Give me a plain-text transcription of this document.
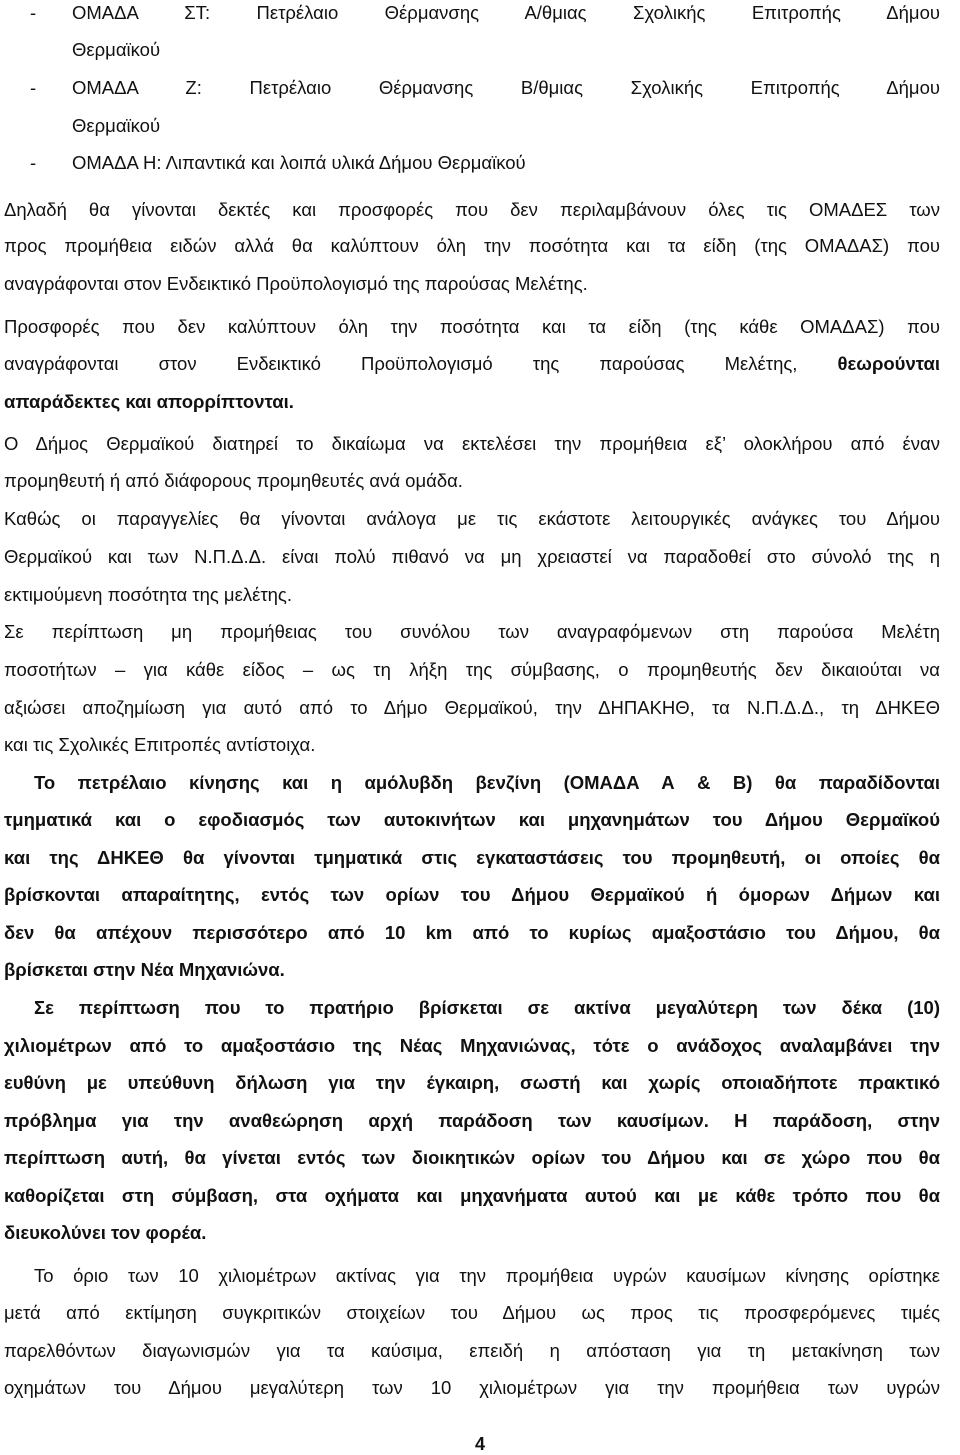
- ΟΜΑΔΑ ΣΤ: Πετρέλαιο Θέρμανσης Α/θμιας Σχολικής Επιτροπής Δήμου
Θερμαϊκού
- ΟΜΑΔΑ Ζ: Πετρέλαιο Θέρμανσης Β/θμιας Σχολικής Επιτροπής Δήμου
Θερμαϊκού
- ΟΜΑΔΑ Η: Λιπαντικά και λοιπά υλικά Δήμου Θερμαϊκού
Δηλαδή θα γίνονται δεκτές και προσφορές που δεν περιλαμβάνουν όλες τις ΟΜΑΔΕΣ των
προς προμήθεια ειδών αλλά θα καλύπτουν όλη την ποσότητα και τα είδη (της ΟΜΑΔΑΣ) που
αναγράφονται στον Ενδεικτικό Προϋπολογισμό της παρούσας Μελέτης.
Προσφορές που δεν καλύπτουν όλη την ποσότητα και τα είδη (της κάθε ΟΜΑΔΑΣ) που
αναγράφονται στον Ενδεικτικό Προϋπολογισμό της παρούσας Μελέτης, θεωρούνται
απαράδεκτες και απορρίπτονται.
Ο Δήμος Θερμαϊκού διατηρεί το δικαίωμα να εκτελέσει την προμήθεια εξ’ ολοκλήρου από έναν
προμηθευτή ή από διάφορους προμηθευτές ανά ομάδα.
Καθώς οι παραγγελίες θα γίνονται ανάλογα με τις εκάστοτε λειτουργικές ανάγκες του Δήμου
Θερμαϊκού και των Ν.Π.Δ.Δ. είναι πολύ πιθανό να μη χρειαστεί να παραδοθεί στο σύνολό της η
εκτιμούμενη ποσότητα της μελέτης.
Σε περίπτωση μη προμήθειας του συνόλου των αναγραφόμενων στη παρούσα Μελέτη
ποσοτήτων – για κάθε είδος – ως τη λήξη της σύμβασης, ο προμηθευτής δεν δικαιούται να
αξιώσει αποζημίωση για αυτό από το Δήμο Θερμαϊκού, την ΔΗΠΑΚΗΘ, τα Ν.Π.Δ.Δ., τη ΔΗΚΕΘ
και τις Σχολικές Επιτροπές αντίστοιχα.
Το πετρέλαιο κίνησης και η αμόλυβδη βενζίνη (ΟΜΑΔΑ Α & Β) θα παραδίδονται
τμηματικά και ο εφοδιασμός των αυτοκινήτων και μηχανημάτων του Δήμου Θερμαϊκού
και της ΔΗΚΕΘ θα γίνονται τμηματικά στις εγκαταστάσεις του προμηθευτή, οι οποίες θα
βρίσκονται απαραίτητης, εντός των ορίων του Δήμου Θερμαϊκού ή όμορων Δήμων και
δεν θα απέχουν περισσότερο από 10 km από το κυρίως αμαξοστάσιο του Δήμου, θα
βρίσκεται στην Νέα Μηχανιώνα.
Σε περίπτωση που το πρατήριο βρίσκεται σε ακτίνα μεγαλύτερη των δέκα (10)
χιλιομέτρων από το αμαξοστάσιο της Νέας Μηχανιώνας, τότε ο ανάδοχος αναλαμβάνει την
ευθύνη με υπεύθυνη δήλωση για την έγκαιρη, σωστή και χωρίς οποιαδήποτε πρακτικό
πρόβλημα για την αναθεώρηση αρχή παράδοση των καυσίμων. Η παράδοση, στην
περίπτωση αυτή, θα γίνεται εντός των διοικητικών ορίων του Δήμου και σε χώρο που θα
καθορίζεται στη σύμβαση, στα οχήματα και μηχανήματα αυτού και με κάθε τρόπο που θα
διευκολύνει τον φορέα.
Το όριο των 10 χιλιομέτρων ακτίνας για την προμήθεια υγρών καυσίμων κίνησης ορίστηκε
μετά από εκτίμηση συγκριτικών στοιχείων του Δήμου ως προς τις προσφερόμενες τιμές
παρελθόντων διαγωνισμών για τα καύσιμα, επειδή η απόσταση για τη μετακίνηση των
οχημάτων του Δήμου μεγαλύτερη των 10 χιλιομέτρων για την προμήθεια των υγρών
4
